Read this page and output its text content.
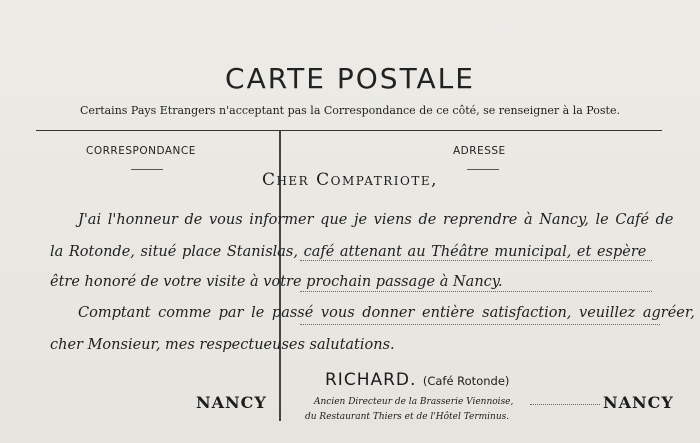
CARTE POSTALE
Certains Pays Etrangers n'acceptant pas la Correspondance de ce côté, se renseigner à la Poste.
CORRESPONDANCE	ADRESSE
Cher Compatriote,
J'ai l'honneur de vous informer que je viens de reprendre à Nancy, le Café de
la Rotonde, situé place Stanislas, café attenant au Théâtre municipal, et espère
être honoré de votre visite à votre prochain passage à Nancy.
Comptant comme par le passé vous donner entière satisfaction, veuillez agréer,
cher Monsieur, mes respectueuses salutations.
RICHARD. (Café Rotonde)
Ancien Directeur de la Brasserie Viennoise,
du Restaurant Thiers et de l'Hôtel Terminus.
NANCY	NANCY
